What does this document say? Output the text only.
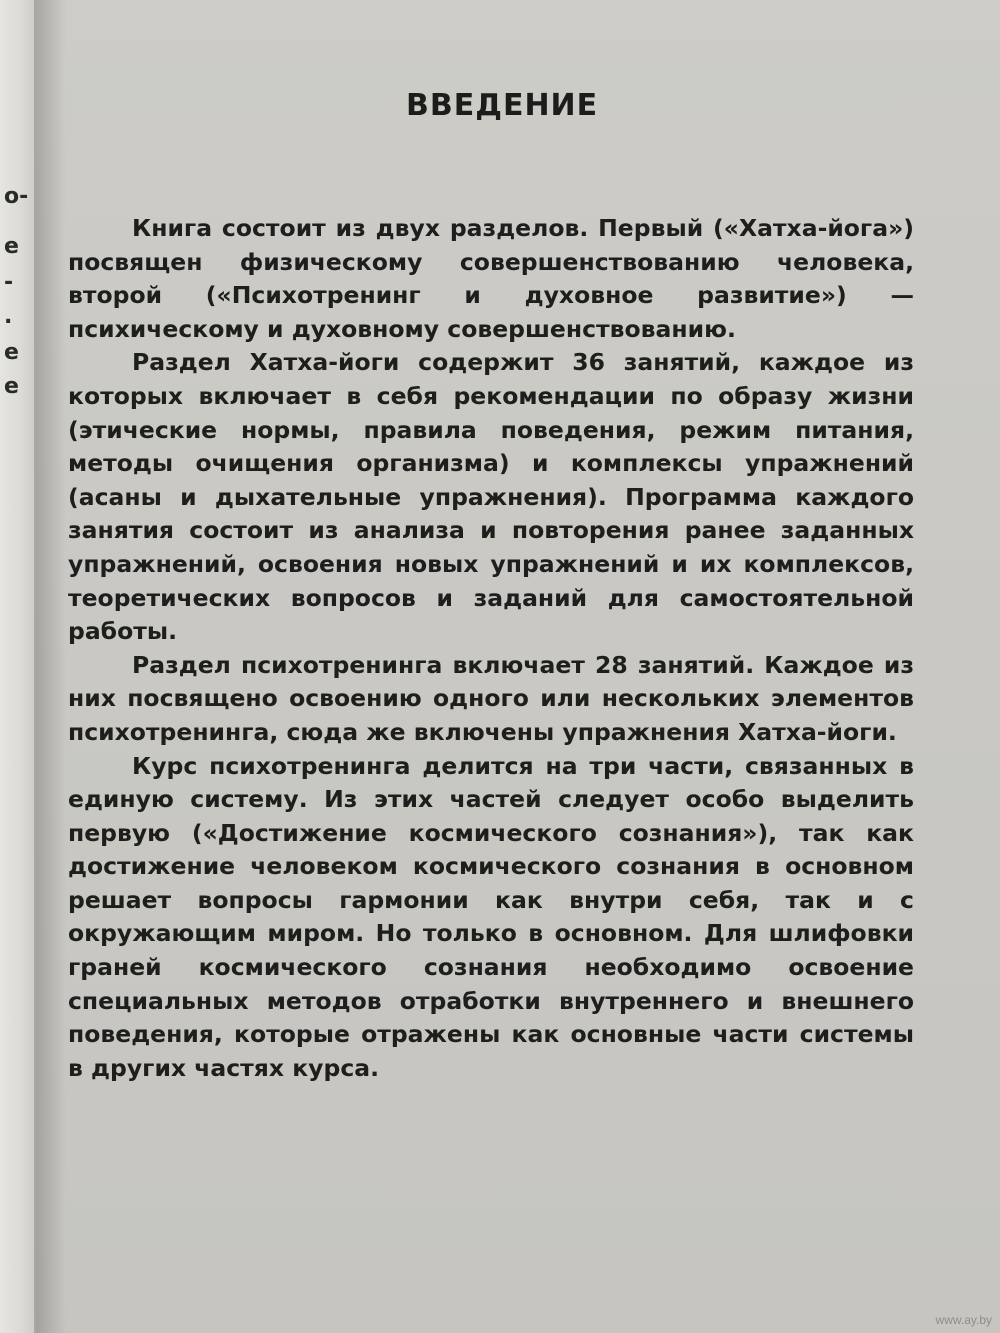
о-
е
-
.
е
е
ВВЕДЕНИЕ

Книга состоит из двух разделов. Первый («Хатха-йога») посвящен физическому совершенствованию человека, второй («Психотренинг и духовное развитие») — психическому и духовному совершенствованию.

Раздел Хатха-йоги содержит 36 занятий, каждое из которых включает в себя рекомендации по образу жизни (этические нормы, правила поведения, режим питания, методы очищения организма) и комплексы упражнений (асаны и дыхательные упражнения). Программа каждого занятия состоит из анализа и повторения ранее заданных упражнений, освоения новых упражнений и их комплексов, теоретических вопросов и заданий для самостоятельной работы.

Раздел психотренинга включает 28 занятий. Каждое из них посвящено освоению одного или нескольких элементов психотренинга, сюда же включены упражнения Хатха-йоги.

Курс психотренинга делится на три части, связанных в единую систему. Из этих частей следует особо выделить первую («Достижение космического сознания»), так как достижение человеком космического сознания в основном решает вопросы гармонии как внутри себя, так и с окружающим миром. Но только в основном. Для шлифовки граней космического сознания необходимо освоение специальных методов отработки внутреннего и внешнего поведения, которые отражены как основные части системы в других частях курса.

www.ay.by
